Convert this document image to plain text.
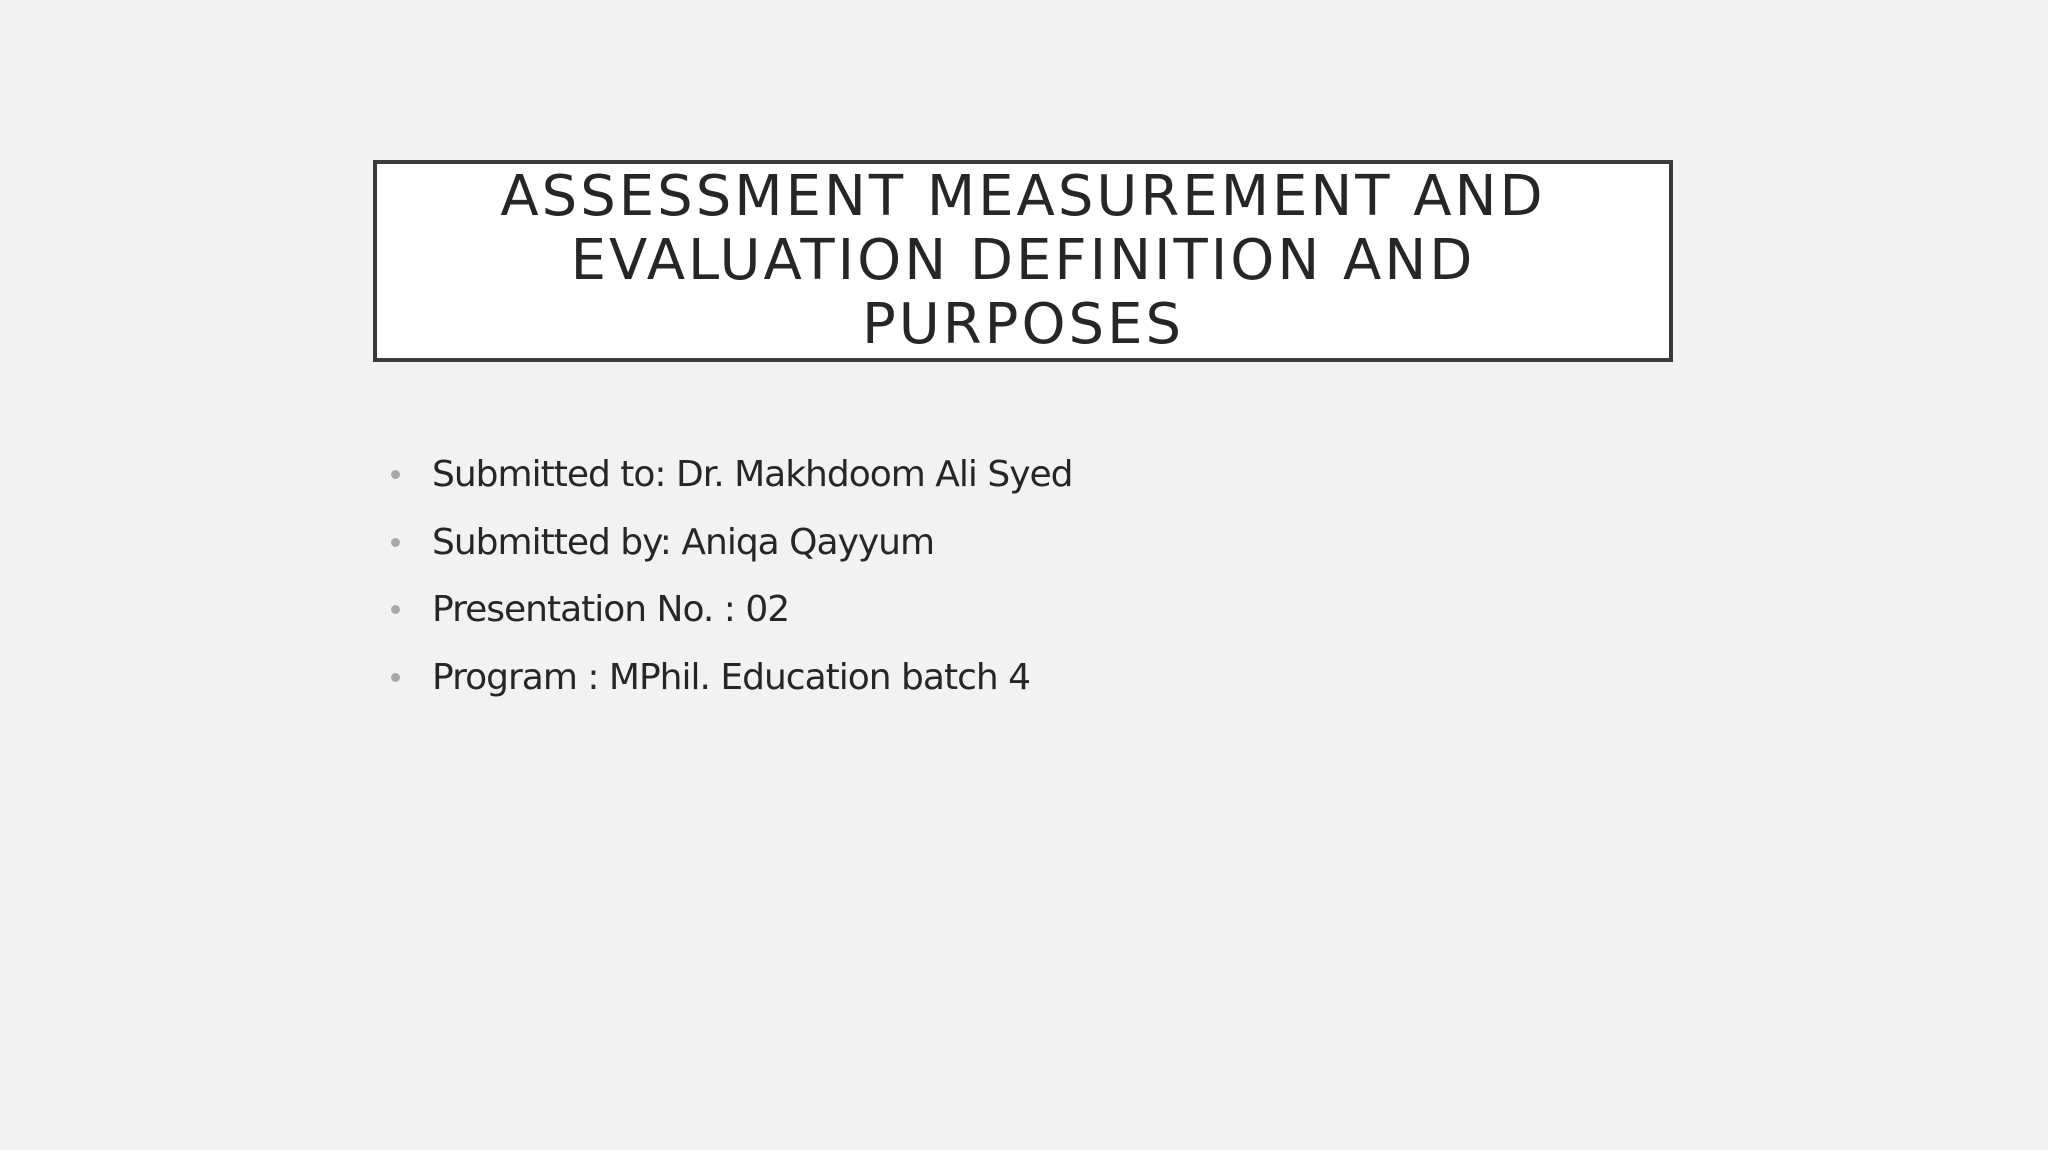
ASSESSMENT MEASUREMENT AND EVALUATION DEFINITION AND PURPOSES
Submitted to: Dr. Makhdoom Ali Syed
Submitted by: Aniqa Qayyum
Presentation No. : 02
Program : MPhil. Education batch 4
